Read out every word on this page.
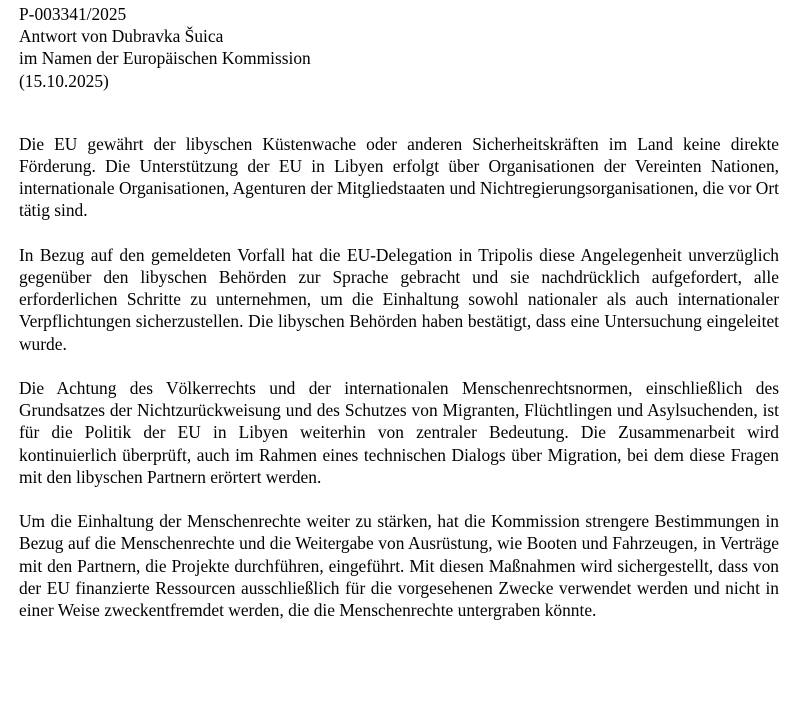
P-003341/2025
Antwort von Dubravka Šuica
im Namen der Europäischen Kommission
(15.10.2025)

Die EU gewährt der libyschen Küstenwache oder anderen Sicherheitskräften im Land keine direkte Förderung. Die Unterstützung der EU in Libyen erfolgt über Organisationen der Vereinten Nationen, internationale Organisationen, Agenturen der Mitgliedstaaten und Nichtregierungsorganisationen, die vor Ort tätig sind.

In Bezug auf den gemeldeten Vorfall hat die EU-Delegation in Tripolis diese Angelegenheit unverzüglich gegenüber den libyschen Behörden zur Sprache gebracht und sie nachdrücklich aufgefordert, alle erforderlichen Schritte zu unternehmen, um die Einhaltung sowohl nationaler als auch internationaler Verpflichtungen sicherzustellen. Die libyschen Behörden haben bestätigt, dass eine Untersuchung eingeleitet wurde.

Die Achtung des Völkerrechts und der internationalen Menschenrechtsnormen, einschließlich des Grundsatzes der Nichtzurückweisung und des Schutzes von Migranten, Flüchtlingen und Asylsuchenden, ist für die Politik der EU in Libyen weiterhin von zentraler Bedeutung. Die Zusammenarbeit wird kontinuierlich überprüft, auch im Rahmen eines technischen Dialogs über Migration, bei dem diese Fragen mit den libyschen Partnern erörtert werden.

Um die Einhaltung der Menschenrechte weiter zu stärken, hat die Kommission strengere Bestimmungen in Bezug auf die Menschenrechte und die Weitergabe von Ausrüstung, wie Booten und Fahrzeugen, in Verträge mit den Partnern, die Projekte durchführen, eingeführt. Mit diesen Maßnahmen wird sichergestellt, dass von der EU finanzierte Ressourcen ausschließlich für die vorgesehenen Zwecke verwendet werden und nicht in einer Weise zweckentfremdet werden, die die Menschenrechte untergraben könnte.
